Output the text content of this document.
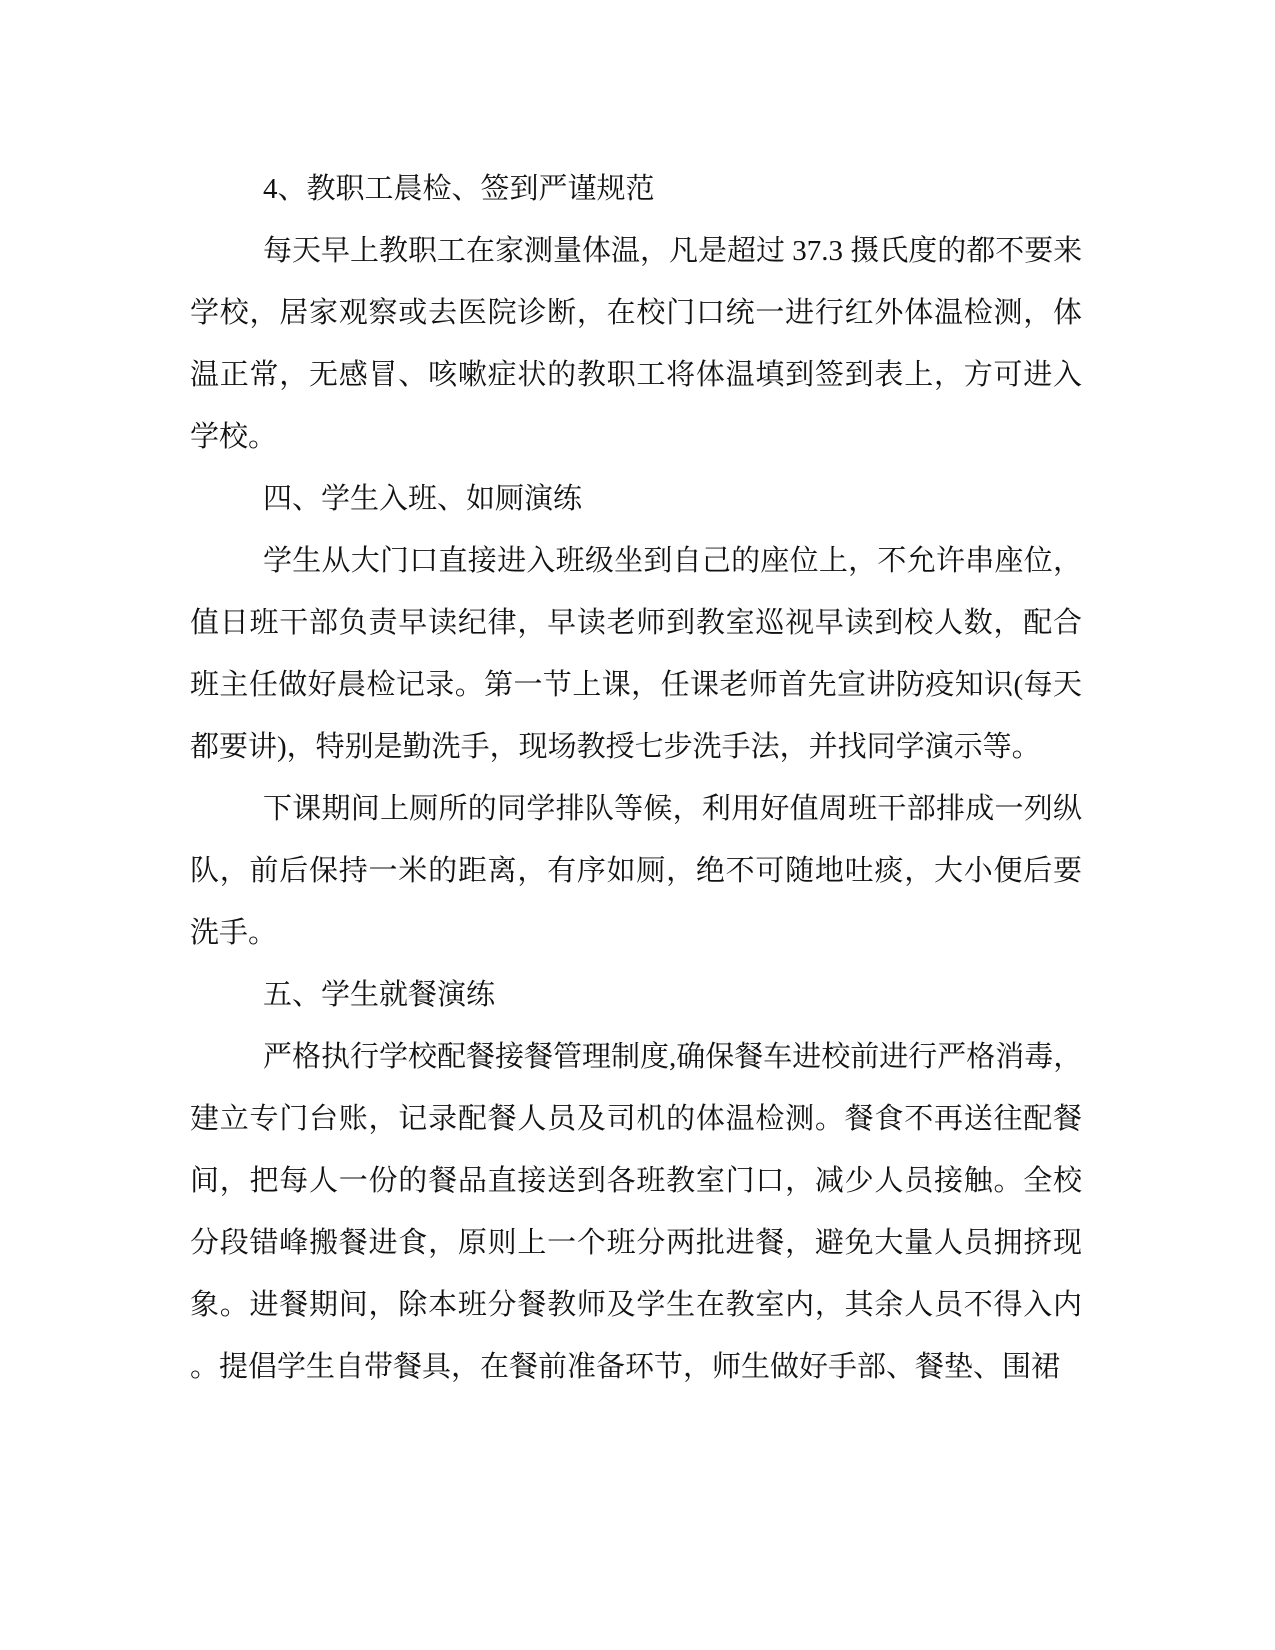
4、教职工晨检、签到严谨规范
每天早上教职工在家测量体温，凡是超过 37.3 摄氏度的都不要来
学校，居家观察或去医院诊断，在校门口统一进行红外体温检测，体
温正常，无感冒、咳嗽症状的教职工将体温填到签到表上，方可进入
学校。
四、学生入班、如厕演练
学生从大门口直接进入班级坐到自己的座位上，不允许串座位，
值日班干部负责早读纪律，早读老师到教室巡视早读到校人数，配合
班主任做好晨检记录。第一节上课，任课老师首先宣讲防疫知识(每天
都要讲)，特别是勤洗手，现场教授七步洗手法，并找同学演示等。
下课期间上厕所的同学排队等候，利用好值周班干部排成一列纵
队，前后保持一米的距离，有序如厕，绝不可随地吐痰，大小便后要
洗手。
五、学生就餐演练
严格执行学校配餐接餐管理制度,确保餐车进校前进行严格消毒，
建立专门台账，记录配餐人员及司机的体温检测。餐食不再送往配餐
间，把每人一份的餐品直接送到各班教室门口，减少人员接触。全校
分段错峰搬餐进食，原则上一个班分两批进餐，避免大量人员拥挤现
象。进餐期间，除本班分餐教师及学生在教室内，其余人员不得入内
。提倡学生自带餐具，在餐前准备环节，师生做好手部、餐垫、围裙
